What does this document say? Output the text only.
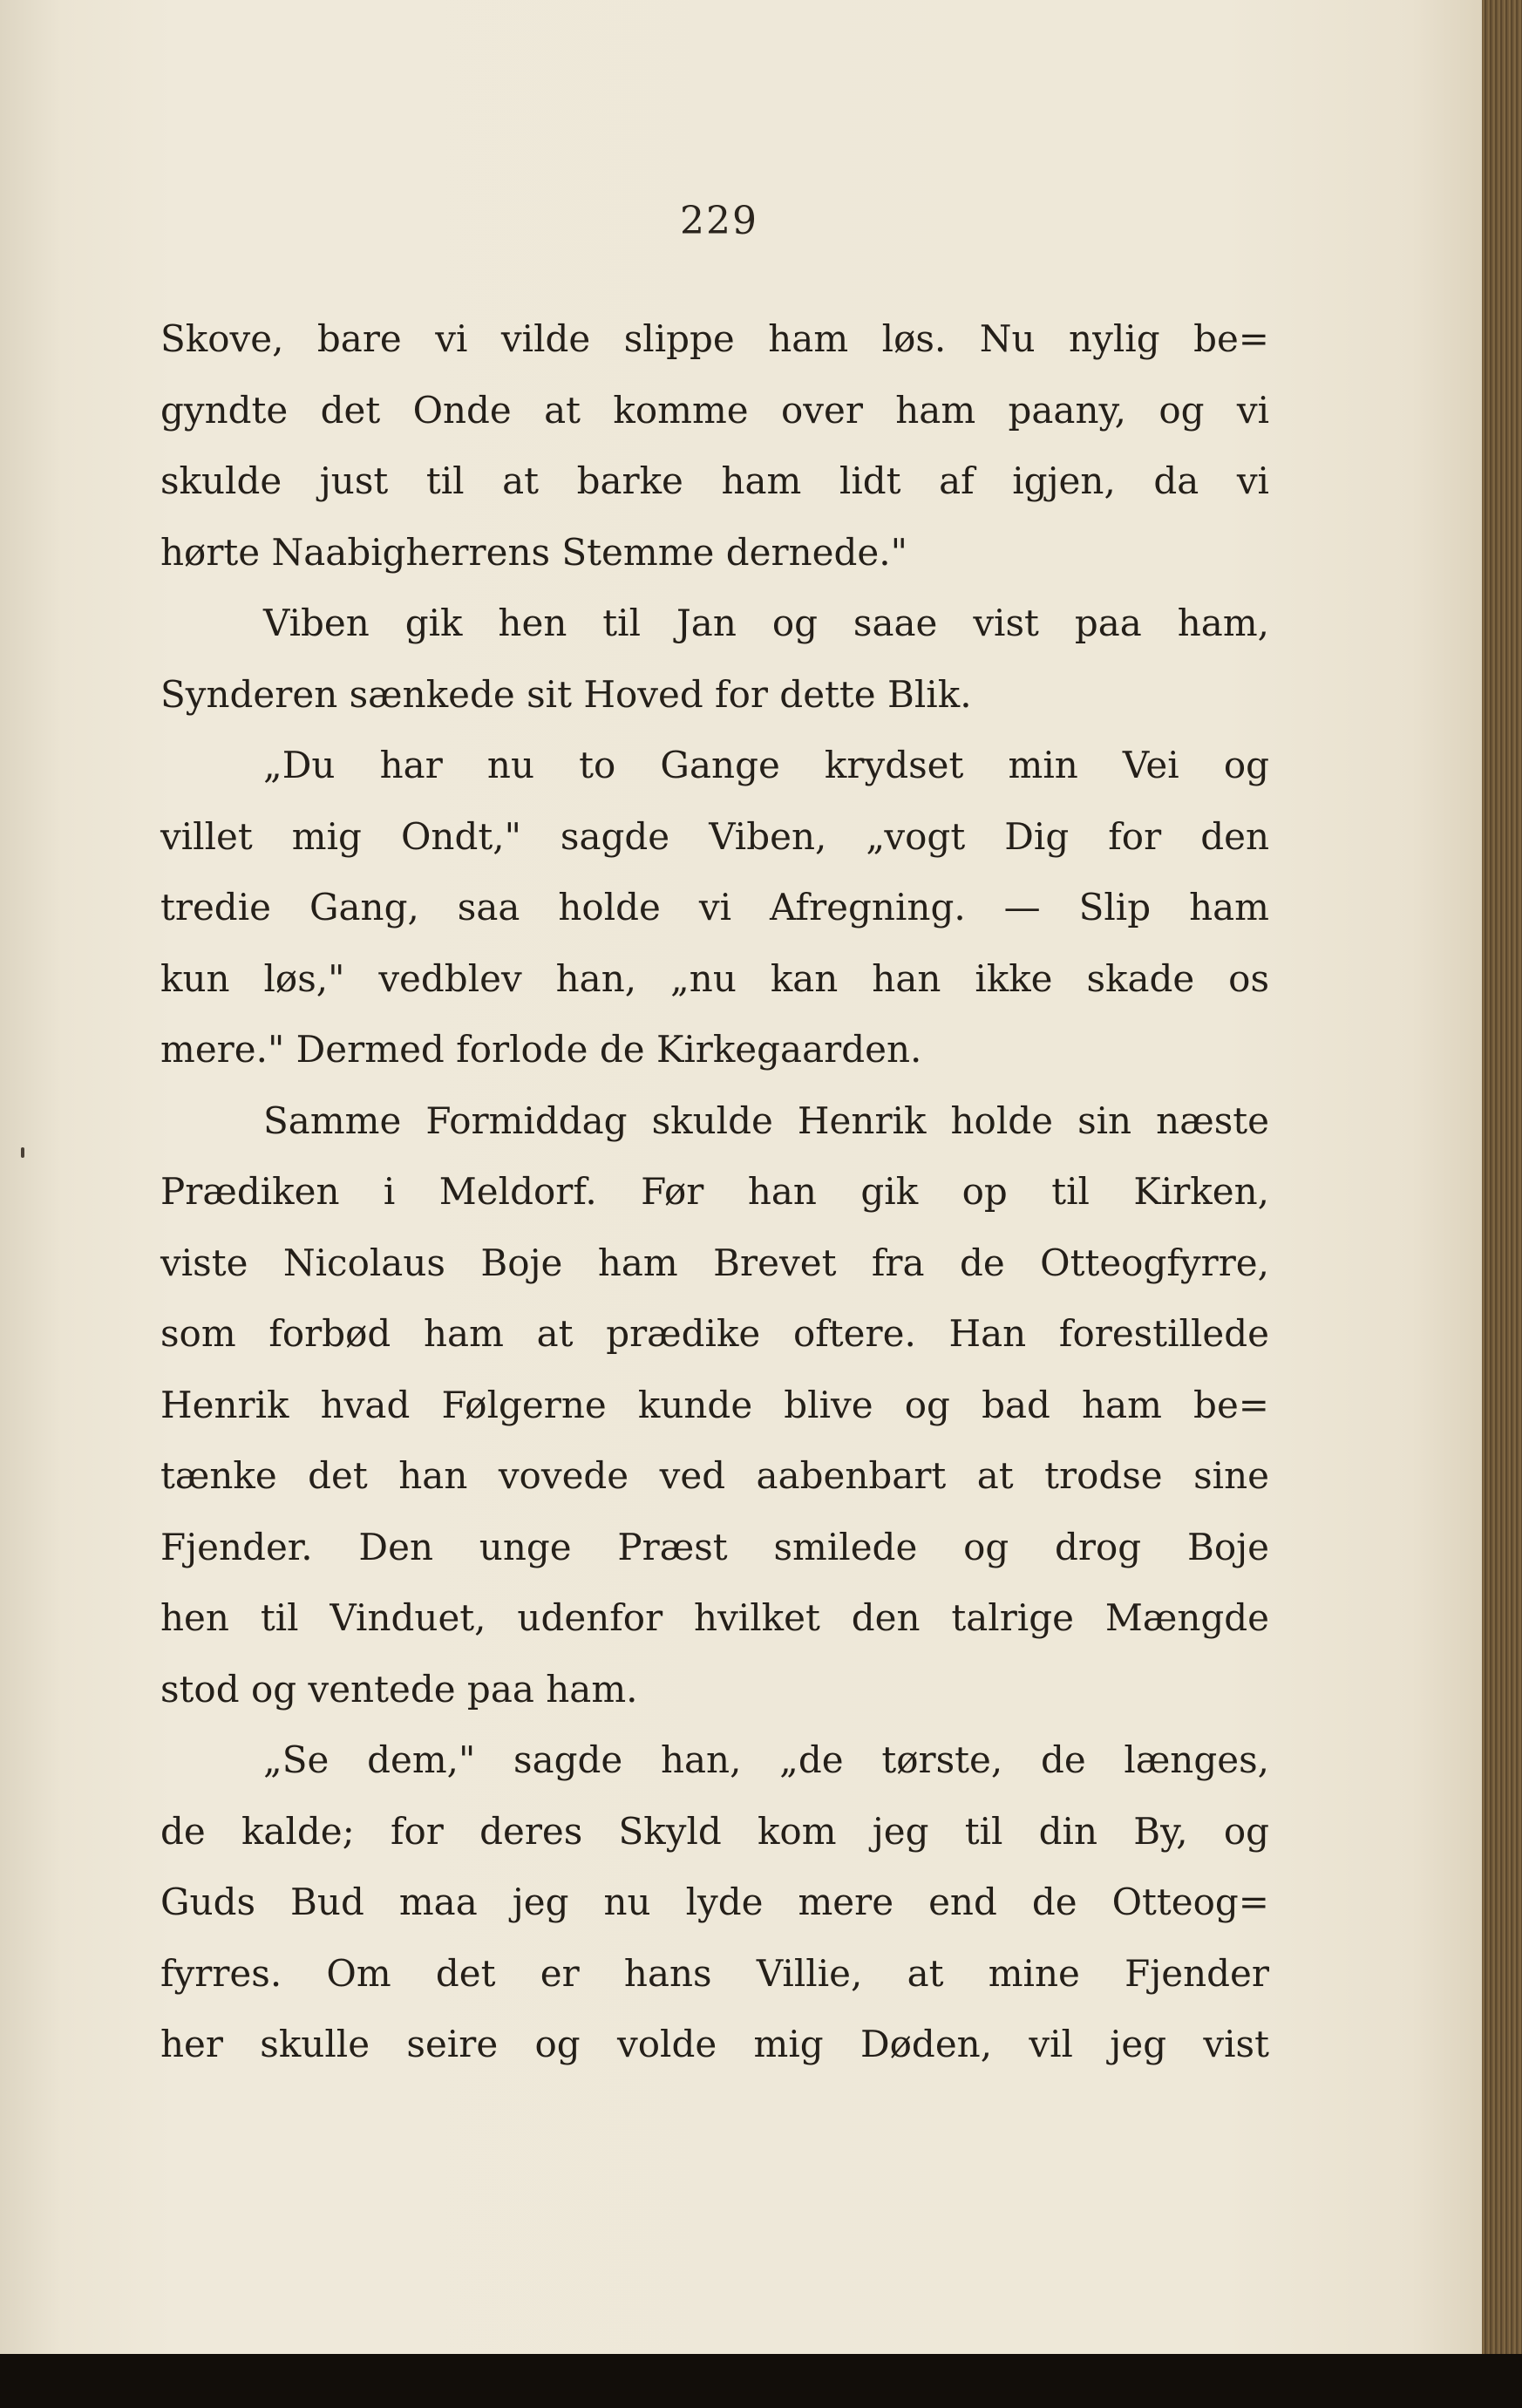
229
Skove, bare vi vilde slippe ham løs. Nu nylig be=
gyndte det Onde at komme over ham paany, og vi
skulde just til at barke ham lidt af igjen, da vi
hørte Naabigherrens Stemme dernede."
Viben gik hen til Jan og saae vist paa ham,
Synderen sænkede sit Hoved for dette Blik.
„Du har nu to Gange krydset min Vei og
villet mig Ondt," sagde Viben, „vogt Dig for den
tredie Gang, saa holde vi Afregning. — Slip ham
kun løs," vedblev han, „nu kan han ikke skade os
mere." Dermed forlode de Kirkegaarden.
Samme Formiddag skulde Henrik holde sin næste
Prædiken i Meldorf. Før han gik op til Kirken,
viste Nicolaus Boje ham Brevet fra de Otteogfyrre,
som forbød ham at prædike oftere. Han forestillede
Henrik hvad Følgerne kunde blive og bad ham be=
tænke det han vovede ved aabenbart at trodse sine
Fjender. Den unge Præst smilede og drog Boje
hen til Vinduet, udenfor hvilket den talrige Mængde
stod og ventede paa ham.
„Se dem," sagde han, „de tørste, de længes,
de kalde; for deres Skyld kom jeg til din By, og
Guds Bud maa jeg nu lyde mere end de Otteog=
fyrres. Om det er hans Villie, at mine Fjender
her skulle seire og volde mig Døden, vil jeg vist
